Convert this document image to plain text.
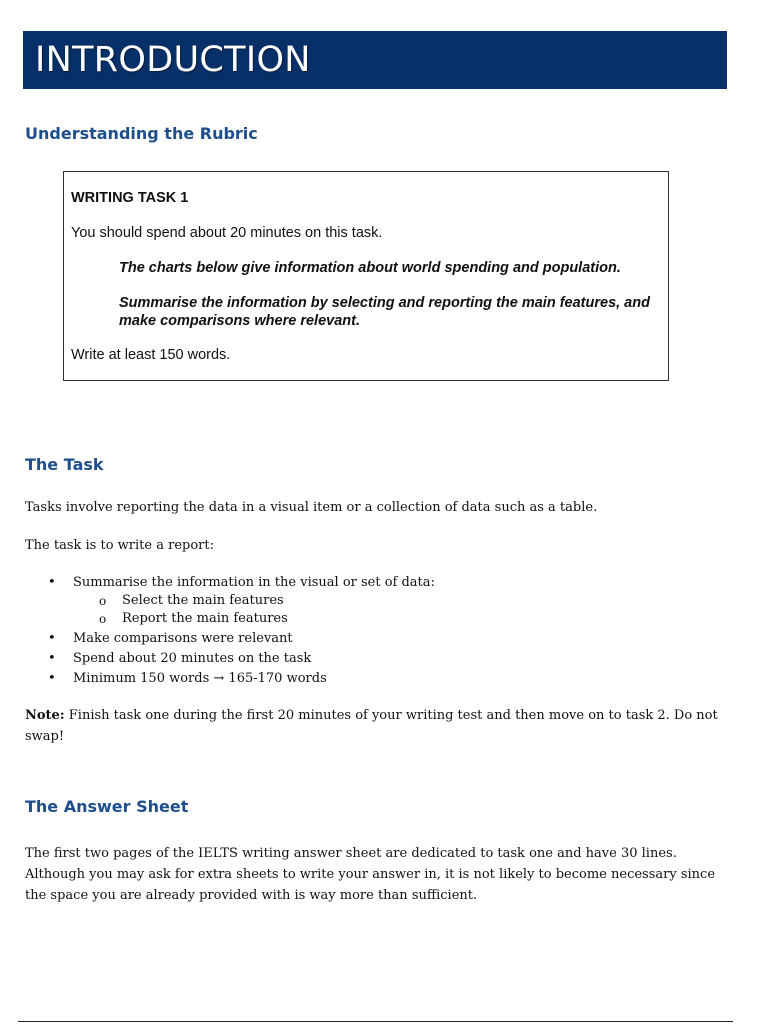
INTRODUCTION
Understanding the Rubric
WRITING TASK 1
You should spend about 20 minutes on this task.
The charts below give information about world spending and population.
Summarise the information by selecting and reporting the main features, and make comparisons where relevant.
Write at least 150 words.
The Task
Tasks involve reporting the data in a visual item or a collection of data such as a table.
The task is to write a report:
• Summarise the information in the visual or set of data:
o Select the main features
o Report the main features
• Make comparisons were relevant
• Spend about 20 minutes on the task
• Minimum 150 words → 165-170 words
Note: Finish task one during the first 20 minutes of your writing test and then move on to task 2. Do not swap!
The Answer Sheet
The first two pages of the IELTS writing answer sheet are dedicated to task one and have 30 lines. Although you may ask for extra sheets to write your answer in, it is not likely to become necessary since the space you are already provided with is way more than sufficient.
